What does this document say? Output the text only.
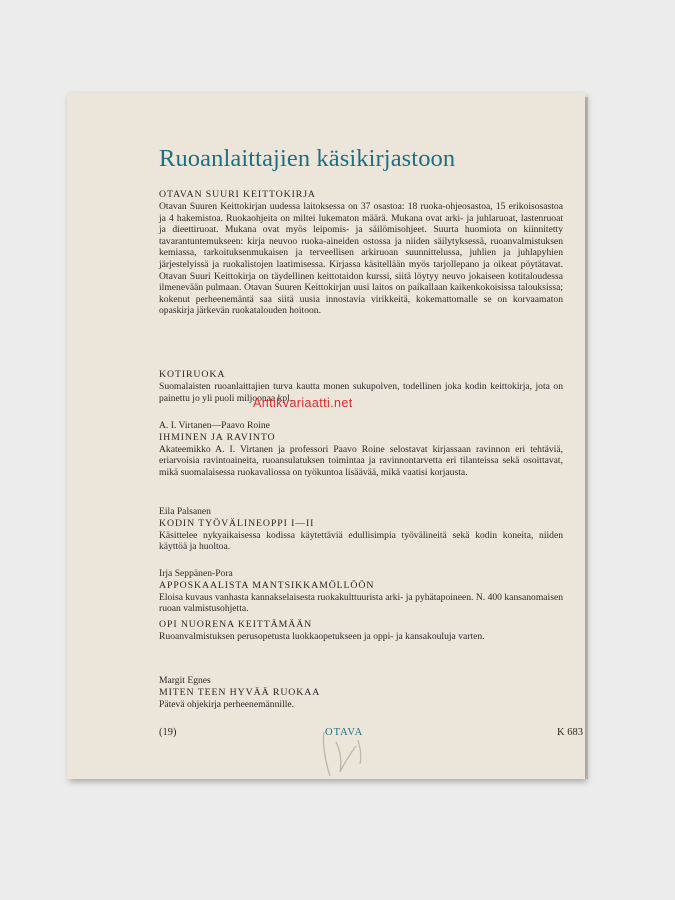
Ruoanlaittajien käsikirjastoon
OTAVAN SUURI KEITTOKIRJA
Otavan Suuren Keittokirjan uudessa laitoksessa on 37 osastoa: 18 ruoka-ohjeosastoa, 15 erikoisosastoa ja 4 hakemistoa. Ruokaohjeita on miltei lukematon määrä. Mukana ovat arki- ja juhlaruoat, lastenruoat ja dieettiruoat. Mukana ovat myös leipomis- ja säilömisohjeet. Suurta huomiota on kiinnitetty tavarantuntemukseen: kirja neuvoo ruoka-aineiden ostossa ja niiden säilytyksessä, ruoanvalmistuksen kemiassa, tarkoituksenmukaisen ja terveellisen arkiruoan suunnittelussa, juhlien ja juhlapyhien järjestelyissä ja ruokalistojen laatimisessa. Kirjassa käsitellään myös tarjollepano ja oikeat pöytätavat. Otavan Suuri Keittokirja on täydellinen keittotaidon kurssi, siitä löytyy neuvo jokaiseen kotitaloudessa ilmenevään pulmaan. Otavan Suuren Keittokirjan uusi laitos on paikallaan kaikenkokoisissa talouksissa; kokenut perheenemäntä saa siitä uusia innostavia virikkeitä, kokemattomalle se on korvaamaton opaskirja järkevän ruokatalouden hoitoon.
KOTIRUOKA
Suomalaisten ruoanlaittajien turva kautta monen sukupolven, todellinen joka kodin keittokirja, jota on painettu jo yli puoli miljoonaa kpl.
A. I. Virtanen—Paavo Roine
IHMINEN JA RAVINTO
Akateemikko A. I. Virtanen ja professori Paavo Roine selostavat kirjassaan ravinnon eri tehtäviä, eriarvoisia ravintoaineita, ruoansulatuksen toimintaa ja ravinnontarvetta eri tilanteissa sekä osoittavat, mikä suomalaisessa ruokavaliossa on työkuntoa lisäävää, mikä vaatisi korjausta.
Eila Palsanen
KODIN TYÖVÄLINEOPPI I—II
Käsittelee nykyaikaisessa kodissa käytettäviä edullisimpia työvälineitä sekä kodin koneita, niiden käyttöä ja huoltoa.
Irja Seppänen-Pora
APPOSKAALISTA MANTSIKKAMÖLLÖÖN
Eloisa kuvaus vanhasta kannakselaisesta ruokakulttuurista arki- ja pyhätapoineen. N. 400 kansanomaisen ruoan valmistusohjetta.
OPI NUORENA KEITTÄMÄÄN
Ruoanvalmistuksen perusopetusta luokkaopetukseen ja oppi- ja kansakouluja varten.
Margit Egnes
MITEN TEEN HYVÄÄ RUOKAA
Pätevä ohjekirja perheenemännille.
(19)	OTAVA	K 683
Antikvariaatti.net
